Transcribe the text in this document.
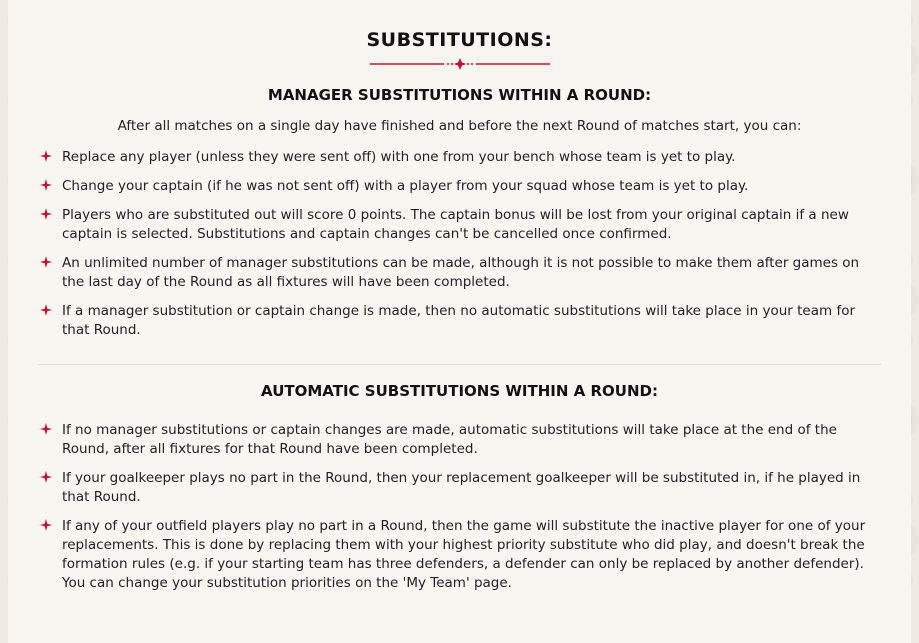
SUBSTITUTIONS:
MANAGER SUBSTITUTIONS WITHIN A ROUND:
After all matches on a single day have finished and before the next Round of matches start, you can:
Replace any player (unless they were sent off) with one from your bench whose team is yet to play.
Change your captain (if he was not sent off) with a player from your squad whose team is yet to play.
Players who are substituted out will score 0 points. The captain bonus will be lost from your original captain if a new captain is selected. Substitutions and captain changes can't be cancelled once confirmed.
An unlimited number of manager substitutions can be made, although it is not possible to make them after games on the last day of the Round as all fixtures will have been completed.
If a manager substitution or captain change is made, then no automatic substitutions will take place in your team for that Round.
AUTOMATIC SUBSTITUTIONS WITHIN A ROUND:
If no manager substitutions or captain changes are made, automatic substitutions will take place at the end of the Round, after all fixtures for that Round have been completed.
If your goalkeeper plays no part in the Round, then your replacement goalkeeper will be substituted in, if he played in that Round.
If any of your outfield players play no part in a Round, then the game will substitute the inactive player for one of your replacements. This is done by replacing them with your highest priority substitute who did play, and doesn't break the formation rules (e.g. if your starting team has three defenders, a defender can only be replaced by another defender). You can change your substitution priorities on the 'My Team' page.
